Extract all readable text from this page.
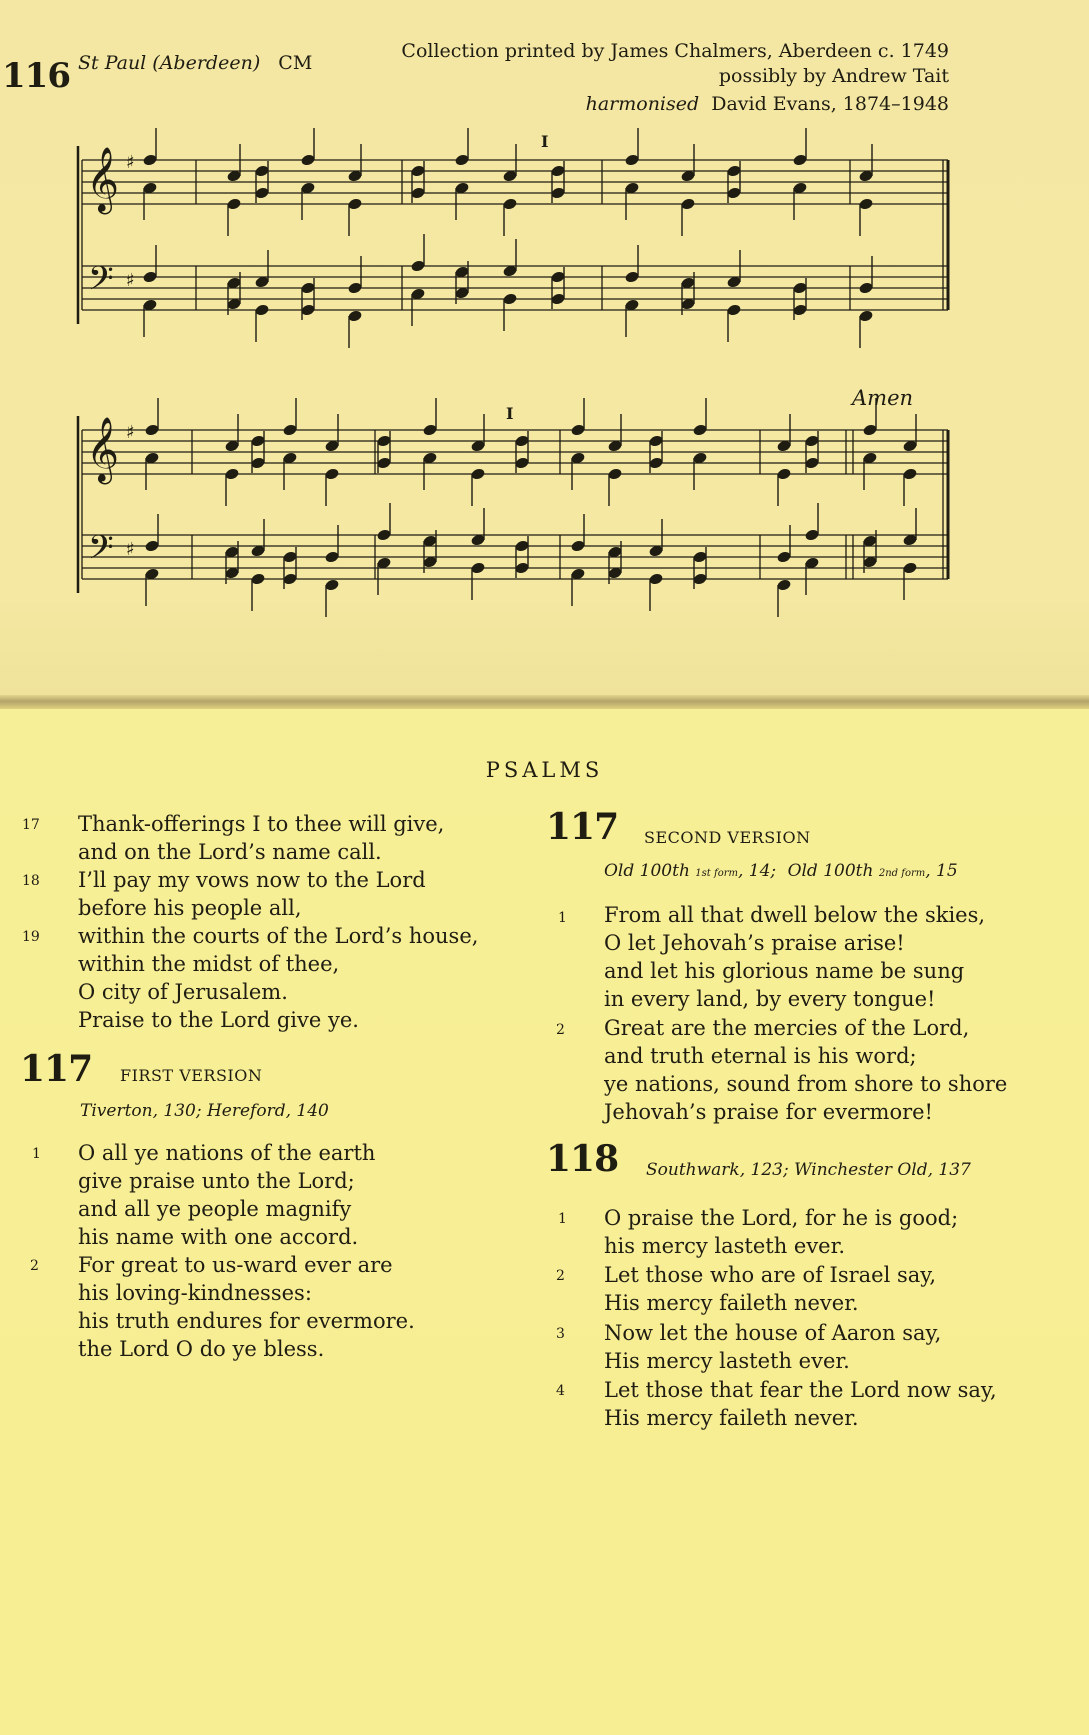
116 St Paul (Aberdeen) CM
Collection printed by James Chalmers, Aberdeen c. 1749
possibly by Andrew Tait
harmonised David Evans, 1874–1948
Amen
I
I
𝄞
𝄢
♯
♯
𝄞
𝄢
♯
♯
PSALMS
17 Thank-offerings I to thee will give,
and on the Lord’s name call.
18 I’ll pay my vows now to the Lord
before his people all,
19 within the courts of the Lord’s house,
within the midst of thee,
O city of Jerusalem.
Praise to the Lord give ye.
117 FIRST VERSION
Tiverton, 130; Hereford, 140
1 O all ye nations of the earth
give praise unto the Lord;
and all ye people magnify
his name with one accord.
2 For great to us-ward ever are
his loving-kindnesses:
his truth endures for evermore.
the Lord O do ye bless.
117 SECOND VERSION
Old 100th 1st form, 14; Old 100th 2nd form, 15
1 From all that dwell below the skies,
O let Jehovah’s praise arise!
and let his glorious name be sung
in every land, by every tongue!
2 Great are the mercies of the Lord,
and truth eternal is his word;
ye nations, sound from shore to shore
Jehovah’s praise for evermore!
118 Southwark, 123; Winchester Old, 137
1 O praise the Lord, for he is good;
his mercy lasteth ever.
2 Let those who are of Israel say,
His mercy faileth never.
3 Now let the house of Aaron say,
His mercy lasteth ever.
4 Let those that fear the Lord now say,
His mercy faileth never.
